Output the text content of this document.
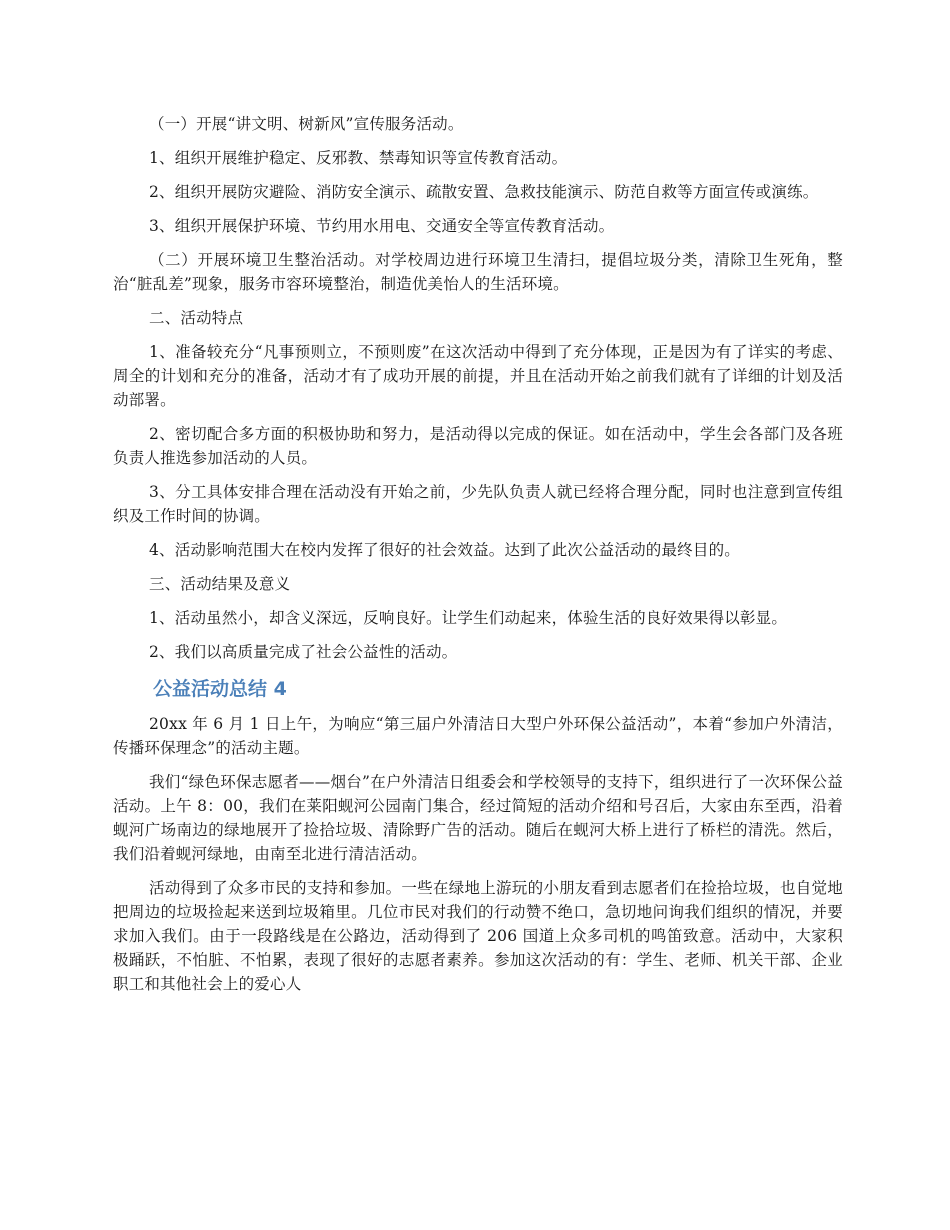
（一）开展“讲文明、树新风”宣传服务活动。

1、组织开展维护稳定、反邪教、禁毒知识等宣传教育活动。

2、组织开展防灾避险、消防安全演示、疏散安置、急救技能演示、防范自救等方面宣传或演练。

3、组织开展保护环境、节约用水用电、交通安全等宣传教育活动。

（二）开展环境卫生整治活动。对学校周边进行环境卫生清扫，提倡垃圾分类，清除卫生死角，整治“脏乱差”现象，服务市容环境整治，制造优美怡人的生活环境。

二、活动特点

1、准备较充分“凡事预则立，不预则废”在这次活动中得到了充分体现，正是因为有了详实的考虑、周全的计划和充分的准备，活动才有了成功开展的前提，并且在活动开始之前我们就有了详细的计划及活动部署。

2、密切配合多方面的积极协助和努力，是活动得以完成的保证。如在活动中，学生会各部门及各班负责人推选参加活动的人员。

3、分工具体安排合理在活动没有开始之前，少先队负责人就已经将合理分配，同时也注意到宣传组织及工作时间的协调。

4、活动影响范围大在校内发挥了很好的社会效益。达到了此次公益活动的最终目的。

三、活动结果及意义

1、活动虽然小，却含义深远，反响良好。让学生们动起来，体验生活的良好效果得以彰显。

2、我们以高质量完成了社会公益性的活动。

公益活动总结 4

20xx 年 6 月 1 日上午，为响应“第三届户外清洁日大型户外环保公益活动”，本着“参加户外清洁，传播环保理念”的活动主题。

我们“绿色环保志愿者——烟台”在户外清洁日组委会和学校领导的支持下，组织进行了一次环保公益活动。上午 8：00，我们在莱阳蚬河公园南门集合，经过简短的活动介绍和号召后，大家由东至西，沿着蚬河广场南边的绿地展开了捡拾垃圾、清除野广告的活动。随后在蚬河大桥上进行了桥栏的清洗。然后，我们沿着蚬河绿地，由南至北进行清洁活动。

活动得到了众多市民的支持和参加。一些在绿地上游玩的小朋友看到志愿者们在捡拾垃圾，也自觉地把周边的垃圾捡起来送到垃圾箱里。几位市民对我们的行动赞不绝口，急切地问询我们组织的情况，并要求加入我们。由于一段路线是在公路边，活动得到了 206 国道上众多司机的鸣笛致意。活动中，大家积极踊跃，不怕脏、不怕累，表现了很好的志愿者素养。参加这次活动的有：学生、老师、机关干部、企业职工和其他社会上的爱心人
